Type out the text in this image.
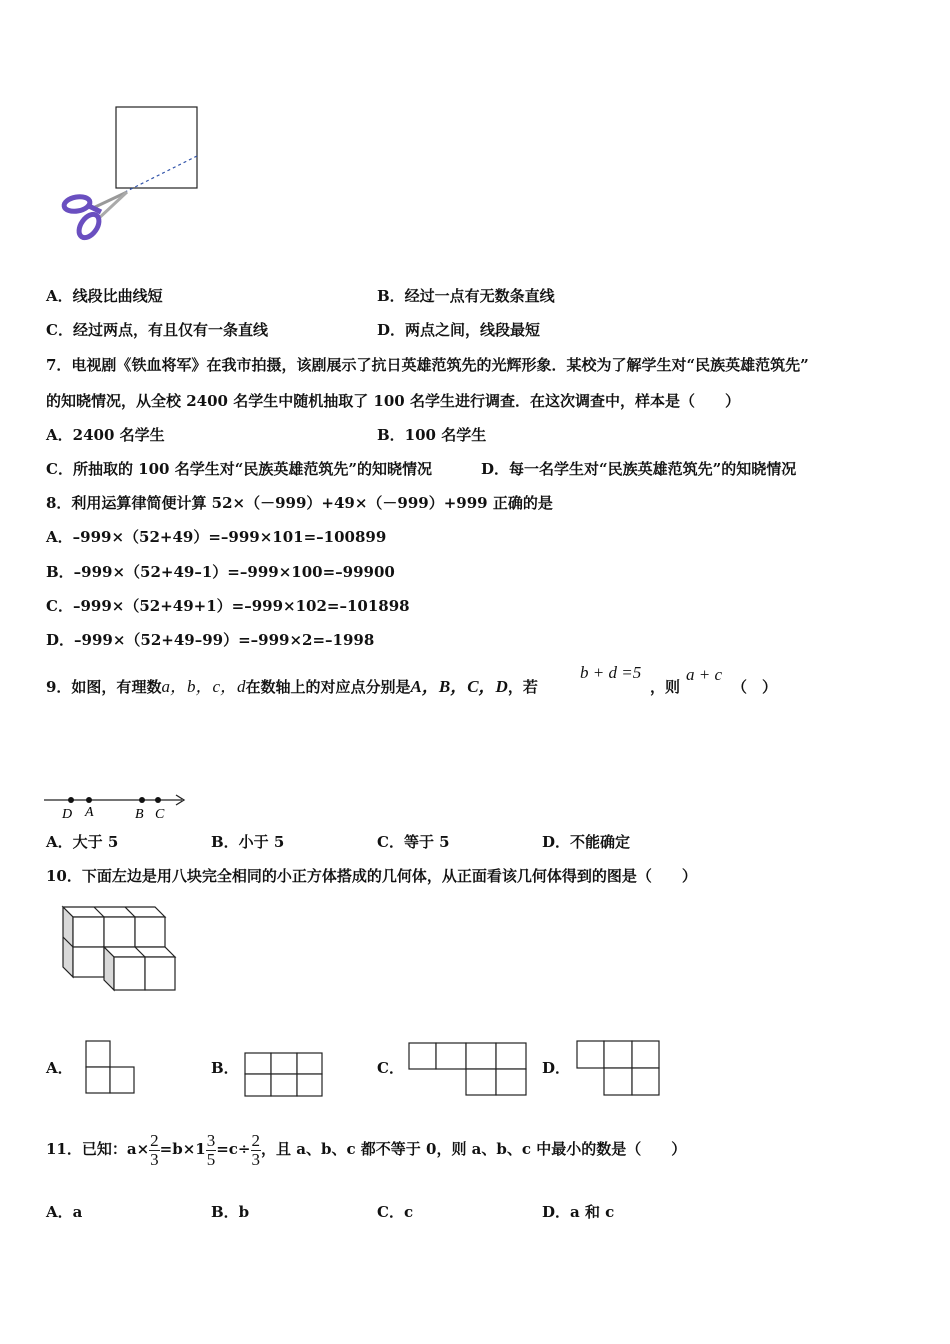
A．线段比曲线短	B．经过一点有无数条直线
C．经过两点，有且仅有一条直线	D．两点之间，线段最短
7．电视剧《铁血将军》在我市拍摄，该剧展示了抗日英雄范筑先的光辉形象．某校为了解学生对“民族英雄范筑先”
的知晓情况，从全校 2400 名学生中随机抽取了 100 名学生进行调查．在这次调查中，样本是（　　）
A．2400 名学生	B．100 名学生
C．所抽取的 100 名学生对“民族英雄范筑先”的知晓情况	D．每一名学生对“民族英雄范筑先”的知晓情况
8．利用运算律简便计算 52×（－999）+49×（－999）+999 正确的是
A．–999×（52+49）=–999×101=–100899
B．–999×（52+49–1）=–999×100=–99900
C．–999×（52+49+1）=–999×102=–101898
D．–999×（52+49–99）=–999×2=–1998
9．如图，有理数a，b，c，d在数轴上的对应点分别是A，B，C，D，若
b + d =5
，则
a + c
（　）
D A	B C
A．大于 5	B．小于 5	C．等于 5	D．不能确定
10．下面左边是用八块完全相同的小正方体搭成的几何体，从正面看该几何体得到的图是（　　）
A．	B．	C．	D．
11．已知：$a\times \frac{2}{3} =b\times 1 \frac{3}{5} =c\div \frac{2}{3}$ ，且 a、b、c 都不等于 0，则 a、b、c 中最小的数是（　　）
A．a	B．b	C．c	D．a 和 c
